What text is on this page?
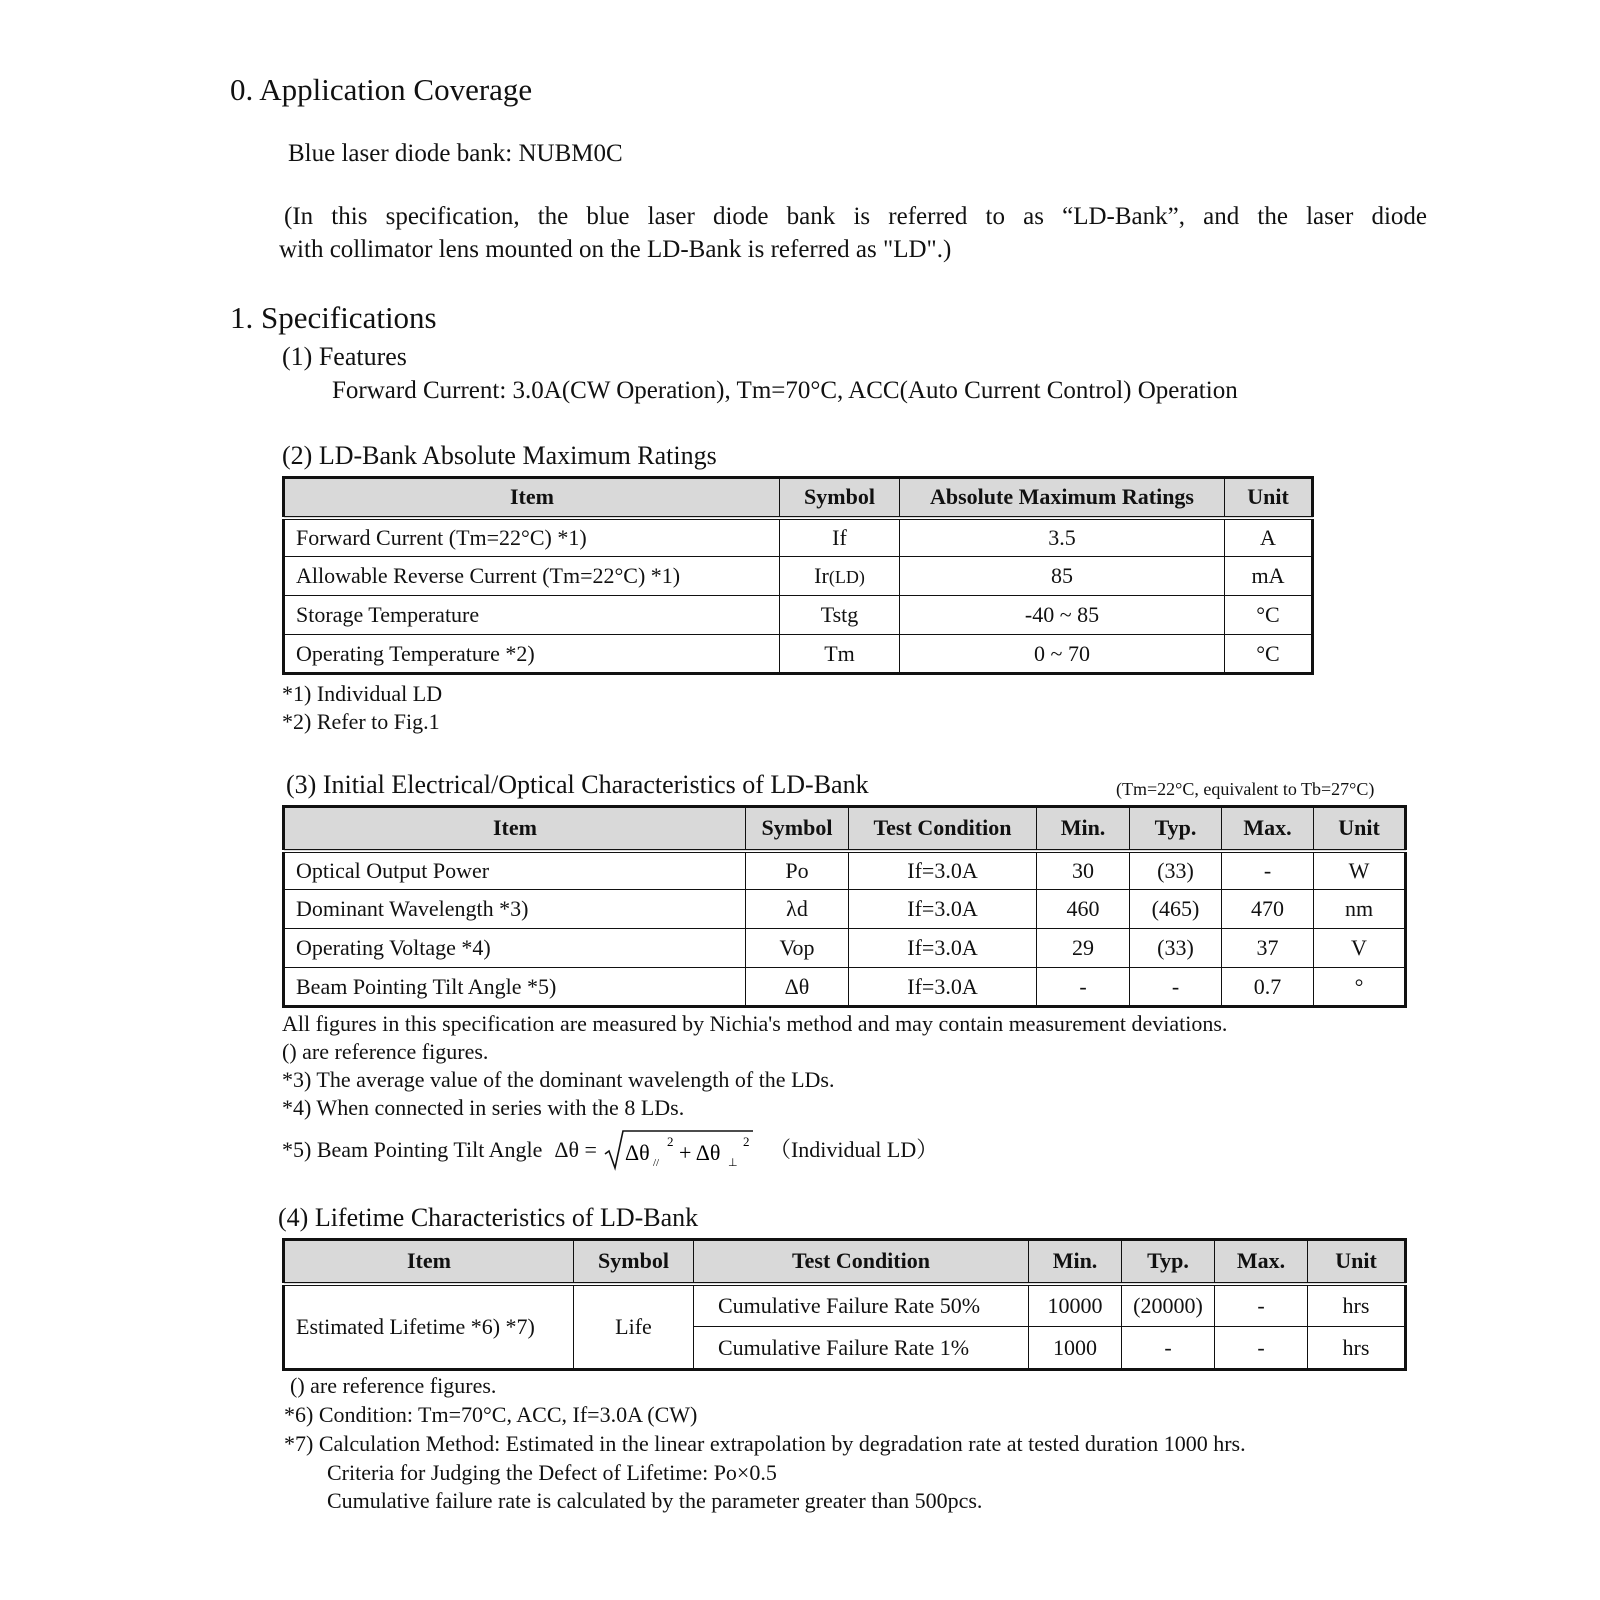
0. Application Coverage
Blue laser diode bank: NUBM0C
(In this specification, the blue laser diode bank is referred to as “LD-Bank”, and the laser diode
with collimator lens mounted on the LD-Bank is referred as "LD".)
1. Specifications
(1) Features
Forward Current: 3.0A(CW Operation), Tm=70°C, ACC(Auto Current Control) Operation
(2) LD-Bank Absolute Maximum Ratings
Item	Symbol	Absolute Maximum Ratings	Unit
Forward Current (Tm=22°C) *1)	If	3.5	A
Allowable Reverse Current (Tm=22°C) *1)	Ir(LD)	85	mA
Storage Temperature	Tstg	-40 ~ 85	°C
Operating Temperature *2)	Tm	0 ~ 70	°C
*1) Individual LD
*2) Refer to Fig.1
(3) Initial Electrical/Optical Characteristics of LD-Bank	(Tm=22°C, equivalent to Tb=27°C)
Item	Symbol	Test Condition	Min.	Typ.	Max.	Unit
Optical Output Power	Po	If=3.0A	30	(33)	-	W
Dominant Wavelength *3)	λd	If=3.0A	460	(465)	470	nm
Operating Voltage *4)	Vop	If=3.0A	29	(33)	37	V
Beam Pointing Tilt Angle *5)	Δθ	If=3.0A	-	-	0.7	°
All figures in this specification are measured by Nichia's method and may contain measurement deviations.
() are reference figures.
*3) The average value of the dominant wavelength of the LDs.
*4) When connected in series with the 8 LDs.
*5) Beam Pointing Tilt Angle Δθ = Δθ //
2 + Δθ ⊥
2 （Individual LD）
(4) Lifetime Characteristics of LD-Bank
Item	Symbol	Test Condition	Min.	Typ.	Max.	Unit
Estimated Lifetime *6) *7)	Life	Cumulative Failure Rate 50%	10000	(20000)	-	hrs
		Cumulative Failure Rate 1%	1000	-	-	hrs
() are reference figures.
*6) Condition: Tm=70°C, ACC, If=3.0A (CW)
*7) Calculation Method: Estimated in the linear extrapolation by degradation rate at tested duration 1000 hrs.
Criteria for Judging the Defect of Lifetime: Po×0.5
Cumulative failure rate is calculated by the parameter greater than 500pcs.
